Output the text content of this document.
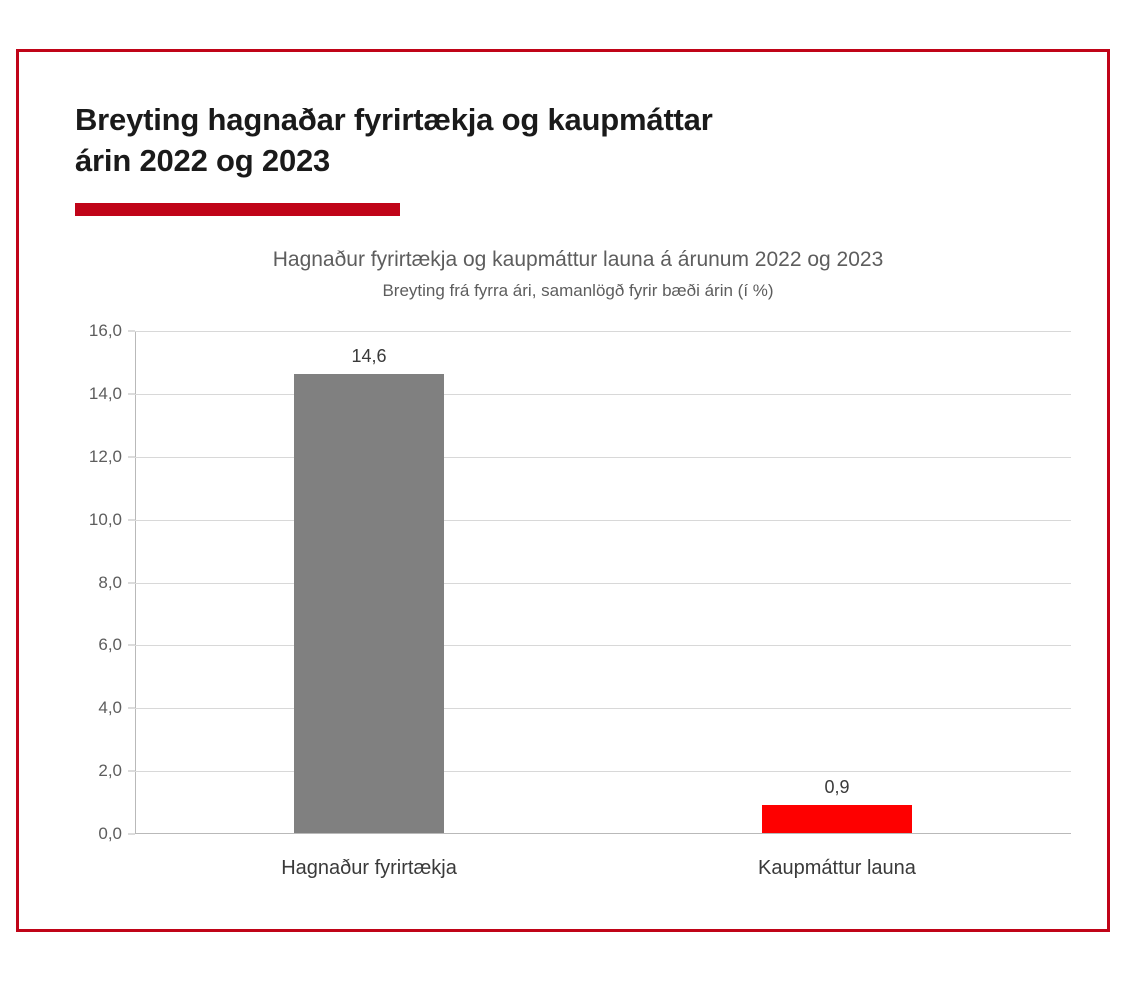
Breyting hagnaðar fyrirtækja og kaupmáttar
árin 2022 og 2023
Hagnaður fyrirtækja og kaupmáttur launa á árunum 2022 og 2023
Breyting frá fyrra ári, samanlögð fyrir bæði árin (í %)
16,0
14,0
12,0
10,0
8,0
6,0
4,0
2,0
0,0
14,6
Hagnaður fyrirtækja
0,9
Kaupmáttur launa
